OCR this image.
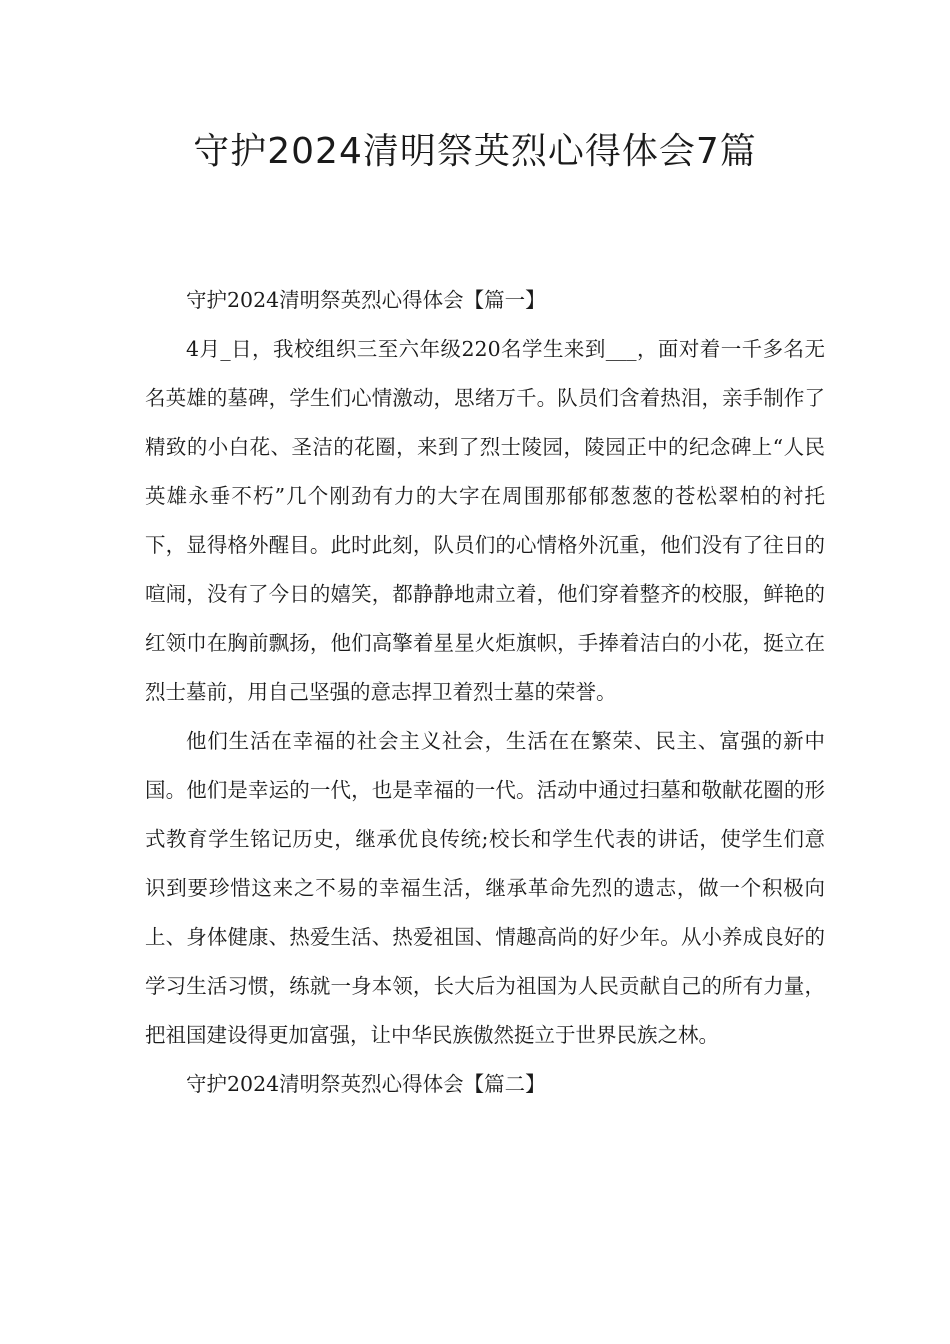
守护2024清明祭英烈心得体会7篇

守护2024清明祭英烈心得体会【篇一】

4月_日，我校组织三至六年级220名学生来到___，面对着一千多名无名英雄的墓碑，学生们心情激动，思绪万千。队员们含着热泪，亲手制作了精致的小白花、圣洁的花圈，来到了烈士陵园，陵园正中的纪念碑上“人民英雄永垂不朽”几个刚劲有力的大字在周围那郁郁葱葱的苍松翠柏的衬托下，显得格外醒目。此时此刻，队员们的心情格外沉重，他们没有了往日的喧闹，没有了今日的嬉笑，都静静地肃立着，他们穿着整齐的校服，鲜艳的红领巾在胸前飘扬，他们高擎着星星火炬旗帜，手捧着洁白的小花，挺立在烈士墓前，用自己坚强的意志捍卫着烈士墓的荣誉。

他们生活在幸福的社会主义社会，生活在在繁荣、民主、富强的新中国。他们是幸运的一代，也是幸福的一代。活动中通过扫墓和敬献花圈的形式教育学生铭记历史，继承优良传统;校长和学生代表的讲话，使学生们意识到要珍惜这来之不易的幸福生活，继承革命先烈的遗志，做一个积极向上、身体健康、热爱生活、热爱祖国、情趣高尚的好少年。从小养成良好的学习生活习惯，练就一身本领，长大后为祖国为人民贡献自己的所有力量，把祖国建设得更加富强，让中华民族傲然挺立于世界民族之林。

守护2024清明祭英烈心得体会【篇二】
